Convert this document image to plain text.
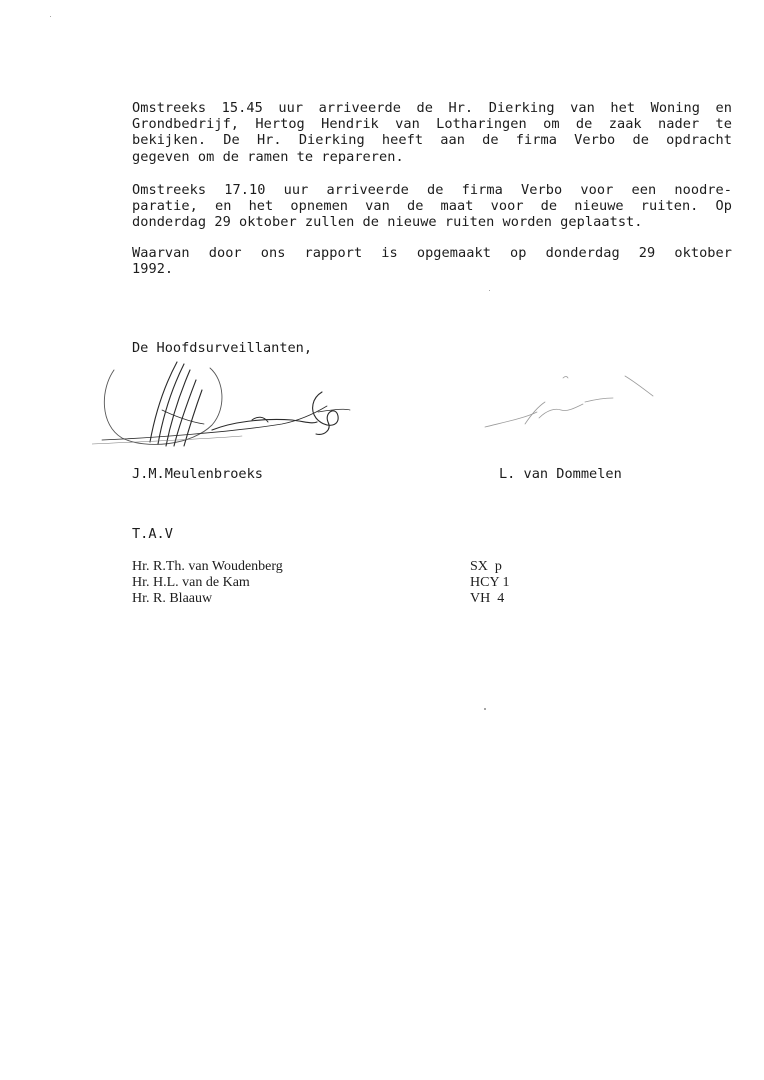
Omstreeks 15.45 uur arriveerde de Hr. Dierking van het Woning en
Grondbedrijf, Hertog Hendrik van Lotharingen om de zaak nader te
bekijken. De Hr. Dierking heeft aan de firma Verbo de opdracht
gegeven om de ramen te repareren.
Omstreeks 17.10 uur arriveerde de firma Verbo voor een noodre-
paratie, en het opnemen van de maat voor de nieuwe ruiten. Op
donderdag 29 oktober zullen de nieuwe ruiten worden geplaatst.
Waarvan door ons rapport is opgemaakt op donderdag 29 oktober
1992.
De Hoofdsurveillanten,
J.M.Meulenbroeks	L. van Dommelen
T.A.V
Hr. R.Th. van Woudenberg	SX  p
Hr. H.L. van de Kam	HCY 1
Hr. R. Blaauw	VH  4
